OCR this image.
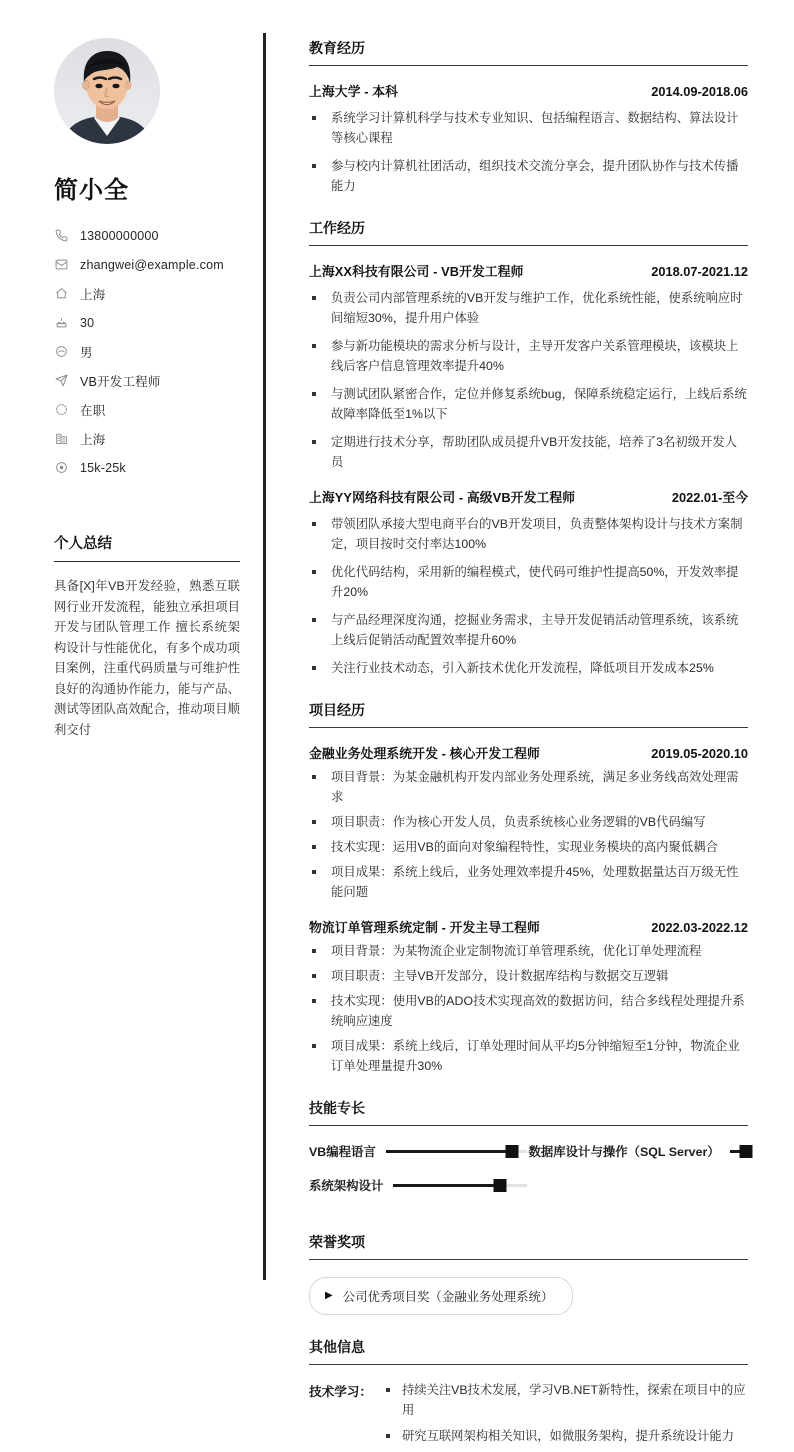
简小全
13800000000
zhangwei@example.com
上海
30
男
VB开发工程师
在职
上海
15k-25k
个人总结
具备[X]年VB开发经验，熟悉互联网行业开发流程，能独立承担项目开发与团队管理工作 擅长系统架构设计与性能优化，有多个成功项目案例，注重代码质量与可维护性 良好的沟通协作能力，能与产品、测试等团队高效配合，推动项目顺利交付
教育经历
上海大学 - 本科	2014.09-2018.06
系统学习计算机科学与技术专业知识、包括编程语言、数据结构、算法设计等核心课程
参与校内计算机社团活动，组织技术交流分享会，提升团队协作与技术传播能力
工作经历
上海XX科技有限公司 - VB开发工程师	2018.07-2021.12
负责公司内部管理系统的VB开发与维护工作，优化系统性能，使系统响应时间缩短30%，提升用户体验
参与新功能模块的需求分析与设计，主导开发客户关系管理模块，该模块上线后客户信息管理效率提升40%
与测试团队紧密合作，定位并修复系统bug，保障系统稳定运行，上线后系统故障率降低至1%以下
定期进行技术分享，帮助团队成员提升VB开发技能，培养了3名初级开发人员
上海YY网络科技有限公司 - 高级VB开发工程师	2022.01-至今
带领团队承接大型电商平台的VB开发项目，负责整体架构设计与技术方案制定，项目按时交付率达100%
优化代码结构，采用新的编程模式，使代码可维护性提高50%，开发效率提升20%
与产品经理深度沟通，挖掘业务需求，主导开发促销活动管理系统，该系统上线后促销活动配置效率提升60%
关注行业技术动态，引入新技术优化开发流程，降低项目开发成本25%
项目经历
金融业务处理系统开发 - 核心开发工程师	2019.05-2020.10
项目背景：为某金融机构开发内部业务处理系统，满足多业务线高效处理需求
项目职责：作为核心开发人员，负责系统核心业务逻辑的VB代码编写
技术实现：运用VB的面向对象编程特性，实现业务模块的高内聚低耦合
项目成果：系统上线后，业务处理效率提升45%，处理数据量达百万级无性能问题
物流订单管理系统定制 - 开发主导工程师	2022.03-2022.12
项目背景：为某物流企业定制物流订单管理系统，优化订单处理流程
项目职责：主导VB开发部分，设计数据库结构与数据交互逻辑
技术实现：使用VB的ADO技术实现高效的数据访问，结合多线程处理提升系统响应速度
项目成果：系统上线后，订单处理时间从平均5分钟缩短至1分钟，物流企业订单处理量提升30%
技能专长
VB编程语言	数据库设计与操作（SQL Server）
系统架构设计
荣誉奖项
▶ 公司优秀项目奖（金融业务处理系统）
其他信息
技术学习：	持续关注VB技术发展，学习VB.NET新特性，探索在项目中的应用
研究互联网架构相关知识，如微服务架构，提升系统设计能力
